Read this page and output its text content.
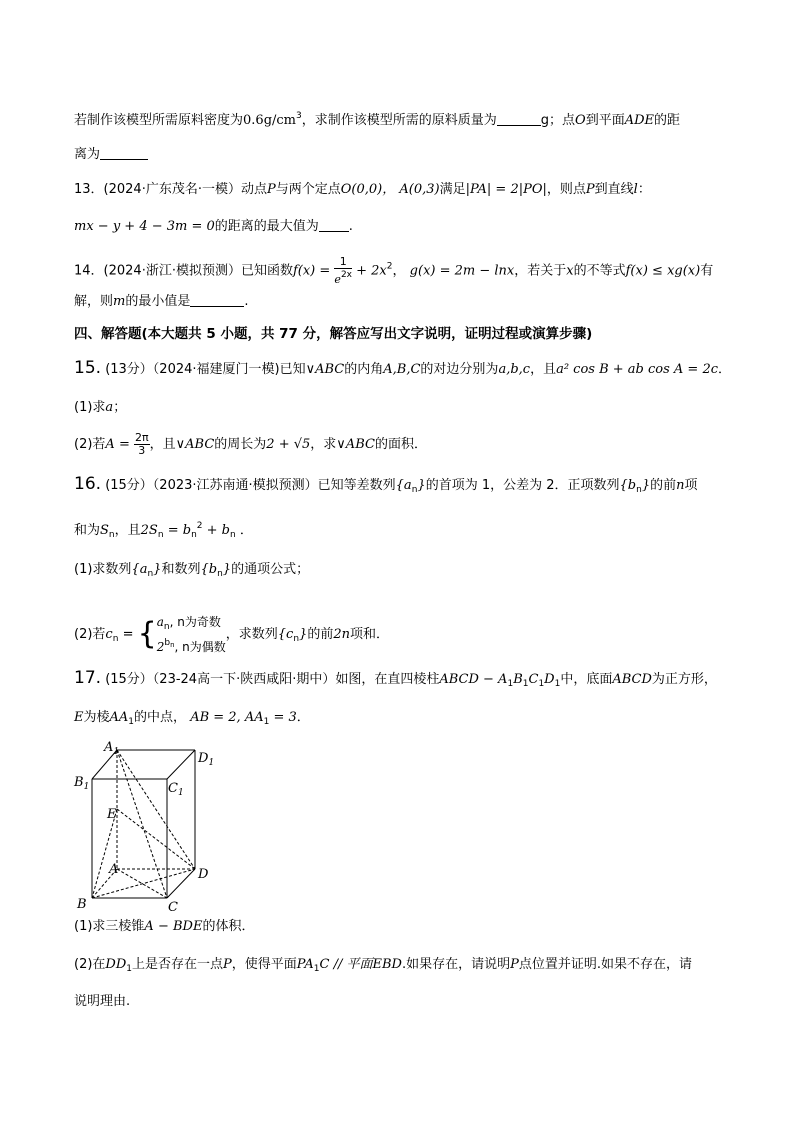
若制作该模型所需原料密度为$0.6g/cm^3$，求制作该模型所需的原料质量为	g；点O到平面ADE的距
离为
13．(2024·广东茂名·一模）动点P与两个定点O(0,0)， A(0,3)满足|PA| = 2|PO|，则点P到直线l：
mx − y + 4 − 3m = 0的距离的最大值为 .
14．(2024·浙江·模拟预测）已知函数$f(x) = \frac{1}{e^{2x}} + 2x^2$， g(x) = 2m − lnx，若关于x的不等式f(x) ≤ xg(x)有
解，则m的最小值是	.
四、解答题(本大题共 5 小题，共 77 分，解答应写出文字说明，证明过程或演算步骤)
15. (13分）（2024·福建厦门一模)已知∨ABC的内角A,B,C的对边分别为a,b,c，且a² cos B + ab cos A = 2c．
(1)求a；
(2)若$A = \frac{2\pi}{3}$ ，且∨ABC的周长为2 + √5，求∨ABC的面积．
16. (15分）（2023·江苏南通·模拟预测）已知等差数列$\{a_n\}$的首项为 1，公差为 2．正项数列$\{b_n\}$的前n项
和为$S_n$，且$2S_n = b_n^2 + b_n$ ．
(1)求数列$\{a_n\}$和数列$\{b_n\}$的通项公式；
(2)若$c_n$ = { $a_n$, n为奇数
$2^{bn}$, n为偶数
，求数列$\{c_n\}$的前2n项和．
17. (15分）（23-24高一下·陕西咸阳·期中）如图，在直四棱柱ABCD − $A_1B_1C_1D_1$中，底面ABCD为正方形，
E为棱$AA_1$的中点， AB = 2, $AA_1 = 3$．
$A_1$	$D_1$
$B_1$	$C_1$
E
A	D
B	C
(1)求三棱锥A − BDE的体积．
(2)在$DD_1$上是否存在一点P，使得平面$PA_1C$ // 平面EBD.如果存在，请说明P点位置并证明.如果不存在，请
说明理由.
